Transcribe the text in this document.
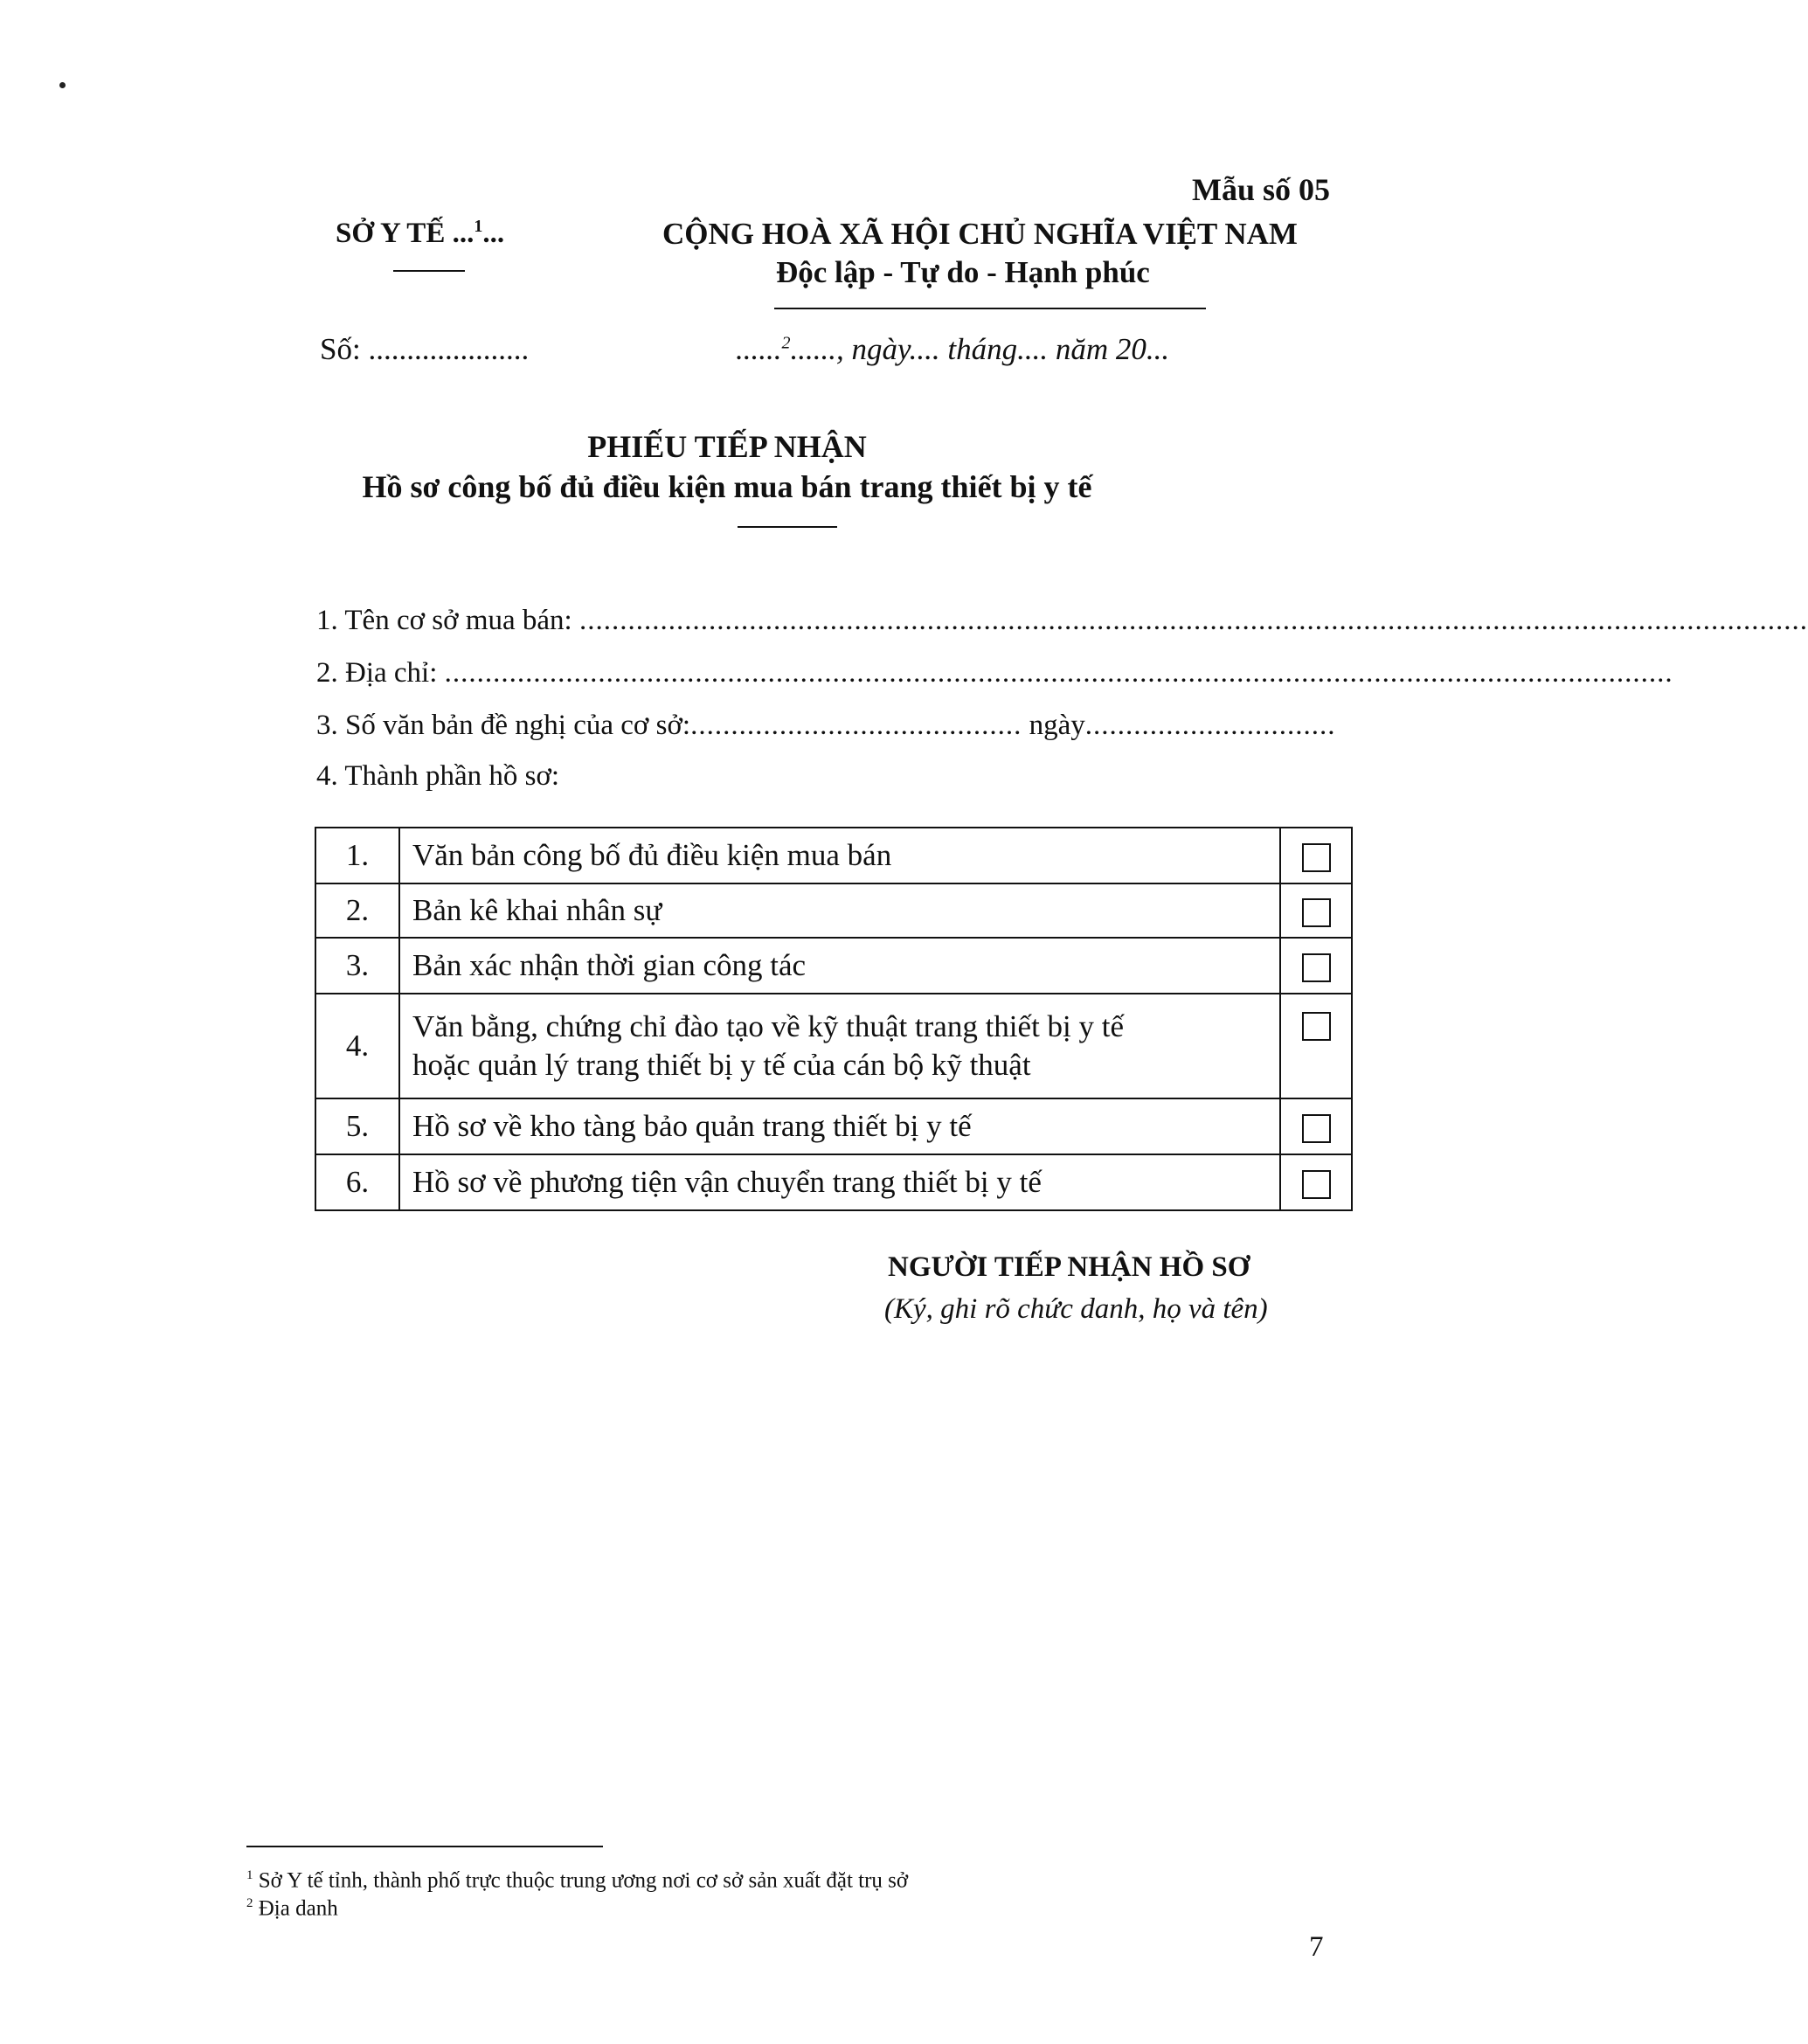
Mẫu số 05
SỞ Y TẾ ...$^1$...	CỘNG HOÀ XÃ HỘI CHỦ NGHĨA VIỆT NAM
Độc lập - Tự do - Hạnh phúc
Số: .....................	......$^2$......, ngày.... tháng.... năm 20...
PHIẾU TIẾP NHẬN
Hồ sơ công bố đủ điều kiện mua bán trang thiết bị y tế
1. Tên cơ sở mua bán:
........................................................................................................................................................
2. Địa chỉ:
........................................................................................................................................................
3. Số văn bản đề nghị của cơ sở: .........................................
ngày ...............................
4. Thành phần hồ sơ:
1.	Văn bản công bố đủ điều kiện mua bán	
2.	Bản kê khai nhân sự	
3.	Bản xác nhận thời gian công tác	
4.	Văn bằng, chứng chỉ đào tạo về kỹ thuật trang thiết bị y tế
hoặc quản lý trang thiết bị y tế của cán bộ kỹ thuật	

5.	Hồ sơ về kho tàng bảo quản trang thiết bị y tế	
6.	Hồ sơ về phương tiện vận chuyển trang thiết bị y tế	
NGƯỜI TIẾP NHẬN HỒ SƠ
(Ký, ghi rõ chức danh, họ và tên)
$^1$ Sở Y tế tỉnh, thành phố trực thuộc trung ương nơi cơ sở sản xuất đặt trụ sở
$^2$ Địa danh
7
